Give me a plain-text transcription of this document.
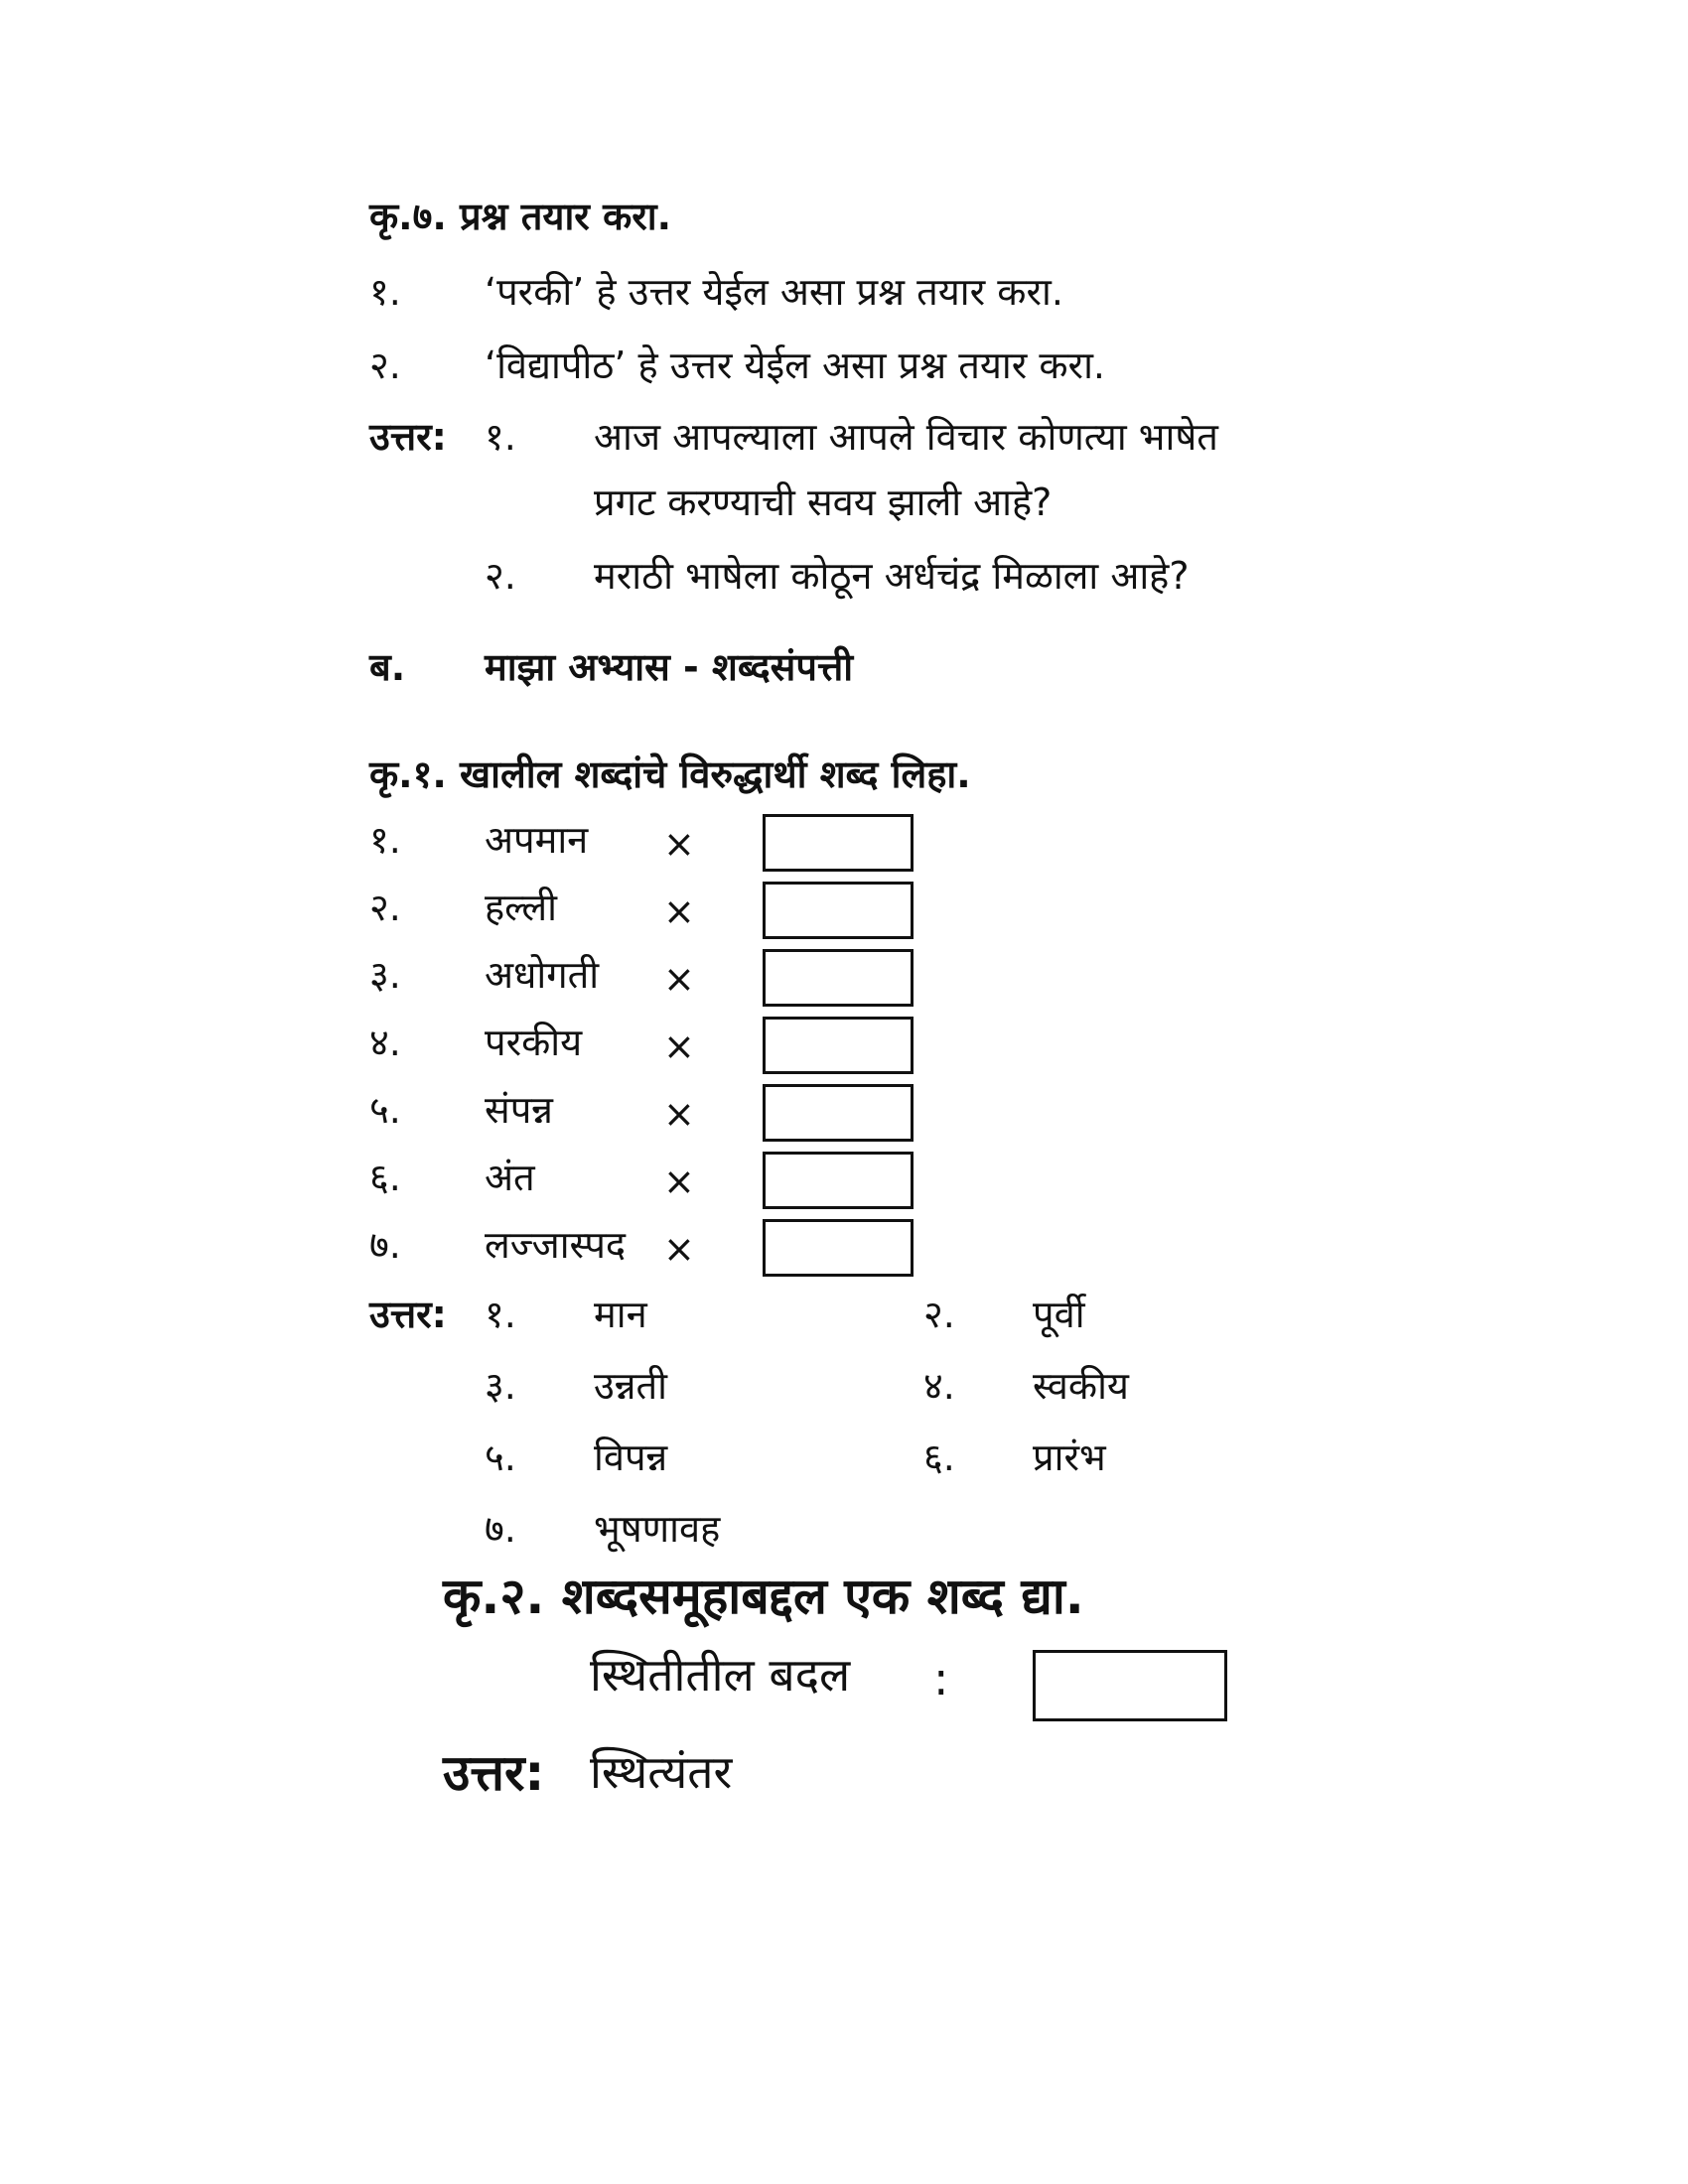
कृ.७. प्रश्न तयार करा.
१. ‘परकी’ हे उत्तर येईल असा प्रश्न तयार करा.
२. ‘विद्यापीठ’ हे उत्तर येईल असा प्रश्न तयार करा.
उत्तर: १. आज आपल्याला आपले विचार कोणत्या भाषेत
प्रगट करण्याची सवय झाली आहे?
२. मराठी भाषेला कोठून अर्धचंद्र मिळाला आहे?
ब. माझा अभ्यास - शब्दसंपत्ती
कृ.१. खालील शब्दांचे विरुद्धार्थी शब्द लिहा.
१. अपमान ×
२. हल्ली	×
३. अधोगती ×
४. परकीय ×
५. संपन्न	×
६. अंत	×
७. लज्जास्पद ×
उत्तर: १. मान	२. पूर्वी
३. उन्नती	४. स्वकीय
५. विपन्न	६. प्रारंभ
७. भूषणावह
कृ.२. शब्दसमूहाबद्दल एक शब्द द्या.
स्थितीतील बदल :
उत्तर: स्थित्यंतर
